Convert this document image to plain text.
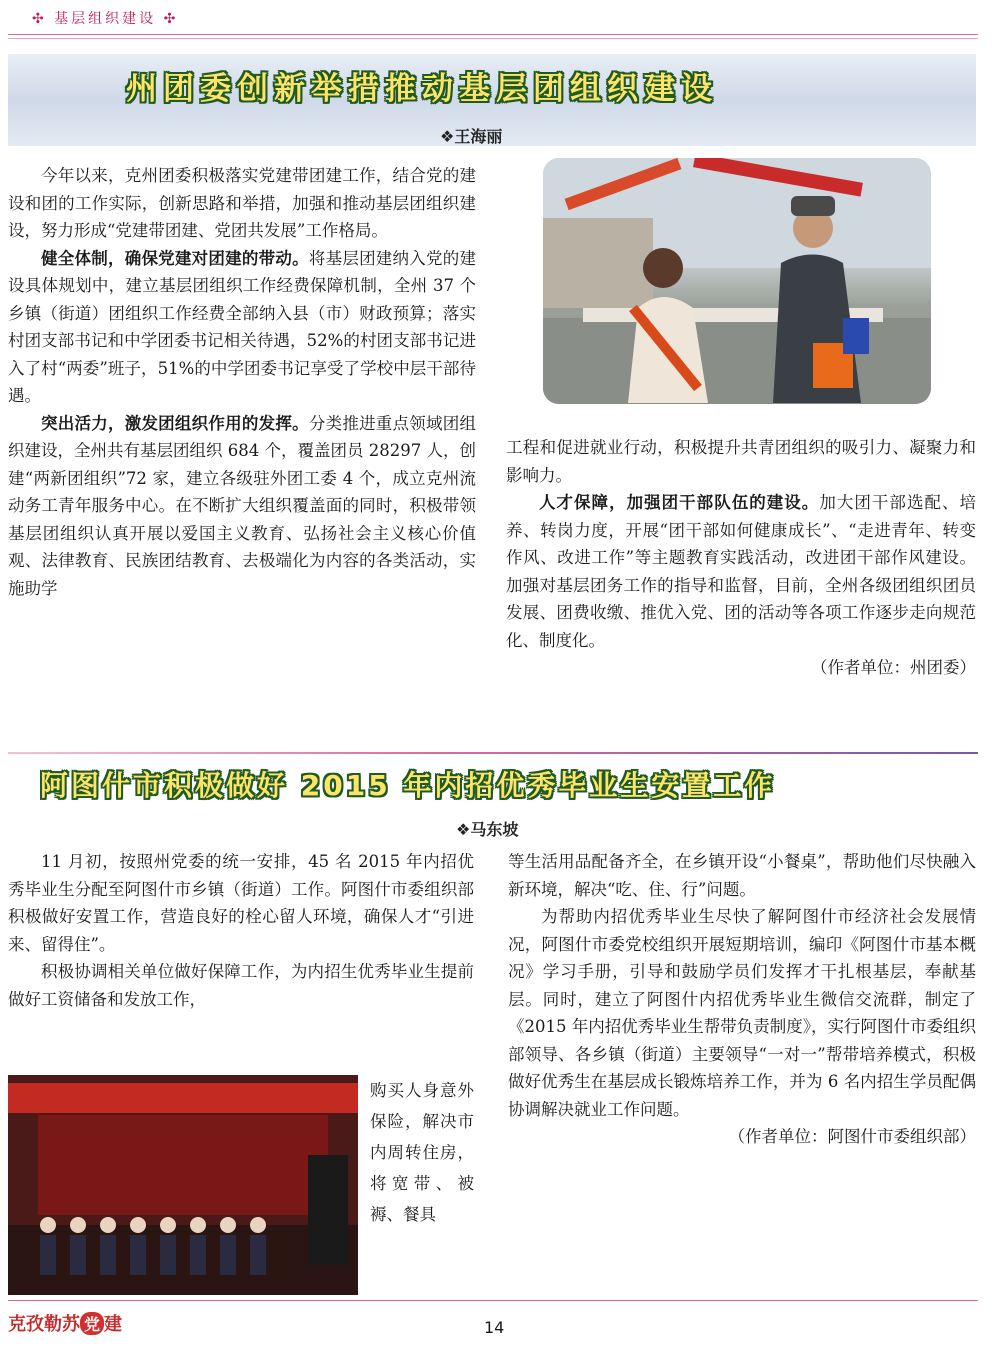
✣ 基层组织建设 ✣
州团委创新举措推动基层团组织建设
❖王海丽

今年以来，克州团委积极落实党建带团建工作，结合党的建设和团的工作实际，创新思路和举措，加强和推动基层团组织建设，努力形成“党建带团建、党团共发展”工作格局。

健全体制，确保党建对团建的带动。将基层团建纳入党的建设具体规划中，建立基层团组织工作经费保障机制，全州 37 个乡镇（街道）团组织工作经费全部纳入县（市）财政预算；落实村团支部书记和中学团委书记相关待遇，52%的村团支部书记进入了村“两委”班子，51%的中学团委书记享受了学校中层干部待遇。

突出活力，激发团组织作用的发挥。分类推进重点领域团组织建设，全州共有基层团组织 684 个，覆盖团员 28297 人，创建“两新团组织”72 家，建立各级驻外团工委 4 个，成立克州流动务工青年服务中心。在不断扩大组织覆盖面的同时，积极带领基层团组织认真开展以爱国主义教育、弘扬社会主义核心价值观、法律教育、民族团结教育、去极端化为内容的各类活动，实施助学

工程和促进就业行动，积极提升共青团组织的吸引力、凝聚力和影响力。

人才保障，加强团干部队伍的建设。加大团干部选配、培养、转岗力度，开展“团干部如何健康成长”、“走进青年、转变作风、改进工作”等主题教育实践活动，改进团干部作风建设。加强对基层团务工作的指导和监督，目前，全州各级团组织团员发展、团费收缴、推优入党、团的活动等各项工作逐步走向规范化、制度化。

（作者单位：州团委）

阿图什市积极做好 2015 年内招优秀毕业生安置工作
❖马东坡

11 月初，按照州党委的统一安排，45 名 2015 年内招优秀毕业生分配至阿图什市乡镇（街道）工作。阿图什市委组织部积极做好安置工作，营造良好的栓心留人环境，确保人才“引进来、留得住”。

积极协调相关单位做好保障工作，为内招生优秀毕业生提前做好工资储备和发放工作，

购买人身意外保险，解决市内周转住房，将宽带、被褥、餐具

等生活用品配备齐全，在乡镇开设“小餐桌”，帮助他们尽快融入新环境，解决“吃、住、行”问题。

为帮助内招优秀毕业生尽快了解阿图什市经济社会发展情况，阿图什市委党校组织开展短期培训，编印《阿图什市基本概况》学习手册，引导和鼓励学员们发挥才干扎根基层，奉献基层。同时，建立了阿图什内招优秀毕业生微信交流群，制定了《2015 年内招优秀毕业生帮带负责制度》，实行阿图什市委组织部领导、各乡镇（街道）主要领导“一对一”帮带培养模式，积极做好优秀生在基层成长锻炼培养工作，并为 6 名内招生学员配偶协调解决就业工作问题。

（作者单位：阿图什市委组织部）

克孜勒苏 党 建	14
